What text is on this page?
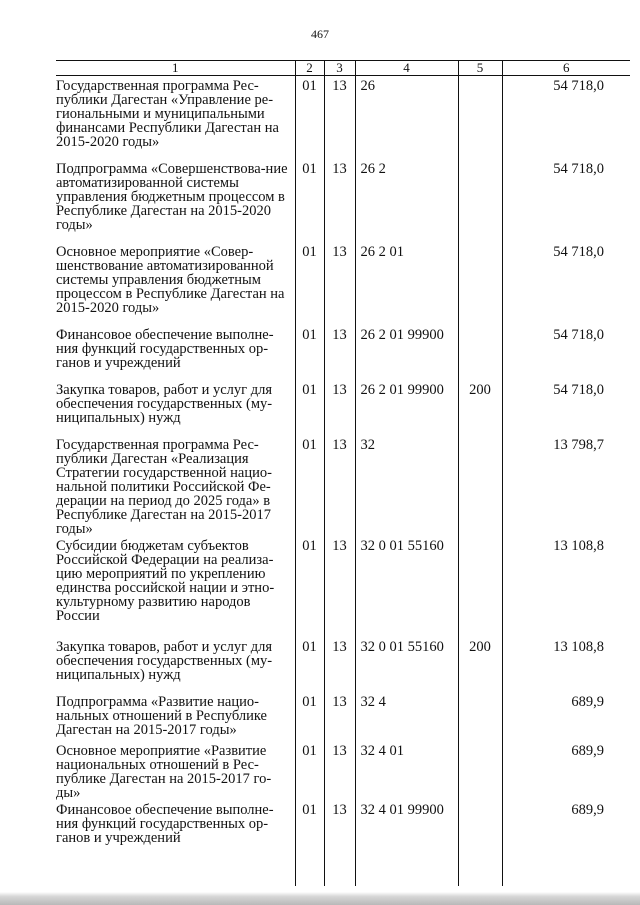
467
1	2	3	4	5	6
Государственная программа Рес-публики Дагестан «Управление ре-гиональными и муниципальными финансами Республики Дагестан на 2015-2020 годы»	01	13	26		54 718,0
Подпрограмма «Совершенствова-ние автоматизированной системы управления бюджетным процессом в Республике Дагестан на 2015-2020 годы»	01	13	26 2		54 718,0
Основное мероприятие «Совер-шенствование автоматизированной системы управления бюджетным процессом в Республике Дагестан на 2015-2020 годы»	01	13	26 2 01		54 718,0
Финансовое обеспечение выполне-ния функций государственных ор-ганов и учреждений	01	13	26 2 01 99900		54 718,0
Закупка товаров, работ и услуг для обеспечения государственных (му-ниципальных) нужд	01	13	26 2 01 99900	200	54 718,0
Государственная программа Рес-публики Дагестан «Реализация Стратегии государственной нацио-нальной политики Российской Фе-дерации на период до 2025 года» в Республике Дагестан на 2015-2017 годы»	01	13	32		13 798,7
Субсидии бюджетам субъектов Российской Федерации на реализа-цию мероприятий по укреплению единства российской нации и этно-культурному развитию народов России	01	13	32 0 01 55160		13 108,8
Закупка товаров, работ и услуг для обеспечения государственных (му-ниципальных) нужд	01	13	32 0 01 55160	200	13 108,8
Подпрограмма «Развитие нацио-нальных отношений в Республике Дагестан на 2015-2017 годы»	01	13	32 4		689,9
Основное мероприятие «Развитие национальных отношений в Рес-публике Дагестан на 2015-2017 го-ды»	01	13	32 4 01		689,9
Финансовое обеспечение выполне-ния функций государственных ор-ганов и учреждений	01	13	32 4 01 99900		689,9
